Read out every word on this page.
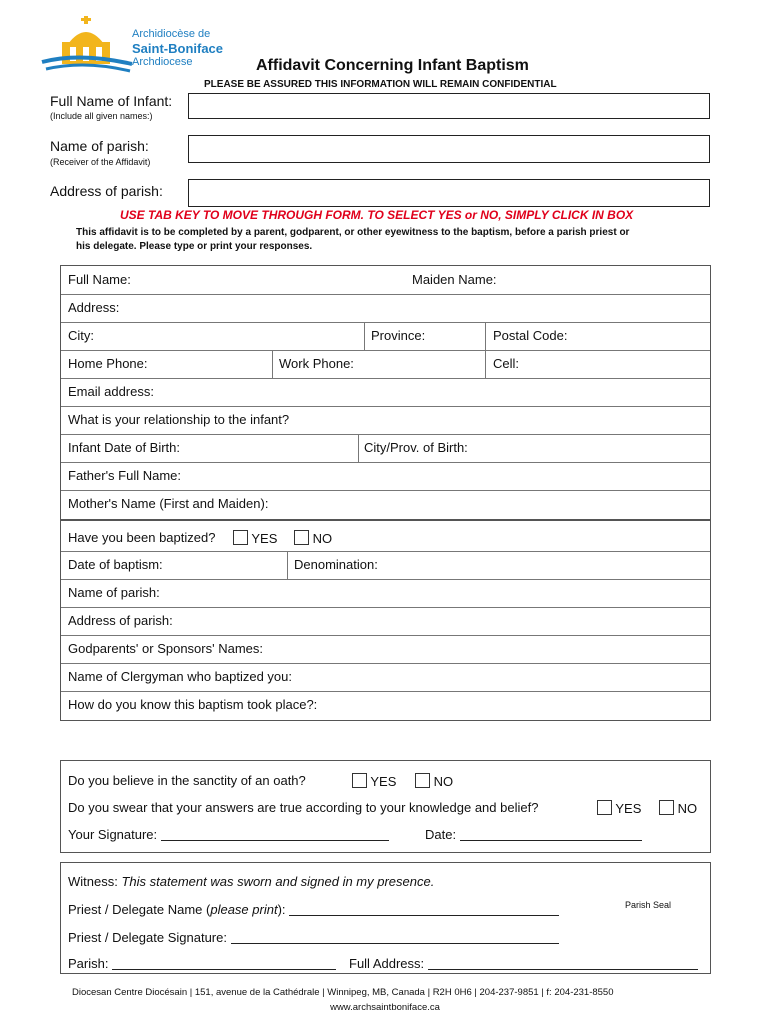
Archidiocèse de
Saint-Boniface
Archdiocese	Affidavit Concerning Infant Baptism
PLEASE BE ASSURED THIS INFORMATION WILL REMAIN CONFIDENTIAL
Full Name of Infant:
(Include all given names:)
Name of parish:
(Receiver of the Affidavit)
Address of parish:
USE TAB KEY TO MOVE THROUGH FORM. TO SELECT YES or NO, SIMPLY CLICK IN BOX
This affidavit is to be completed by a parent, godparent, or other eyewitness to the baptism, before a parish priest or
his delegate. Please type or print your responses.
Full Name:	Maiden Name:
Address:
City:	Province:	Postal Code:
Home Phone:	Work Phone:	Cell:
Email address:
What is your relationship to the infant?
Infant Date of Birth:	City/Prov. of Birth:
Father's Full Name:
Mother's Name (First and Maiden):
Have you been baptized?	YES	NO
Date of baptism:	Denomination:
Name of parish:
Address of parish:
Godparents' or Sponsors' Names:
Name of Clergyman who baptized you:
How do you know this baptism took place?:
Do you believe in the sanctity of an oath?	YES	NO
Do you swear that your answers are true according to your knowledge and belief?	YES	NO
Your Signature:	Date:
Witness: This statement was sworn and signed in my presence.
Priest / Delegate Name (please print):	Parish Seal
Priest / Delegate Signature:
Parish:	Full Address:
Diocesan Centre Diocésain | 151, avenue de la Cathédrale | Winnipeg, MB, Canada | R2H 0H6 | 204-237-9851 | f: 204-231-8550
www.archsaintboniface.ca
